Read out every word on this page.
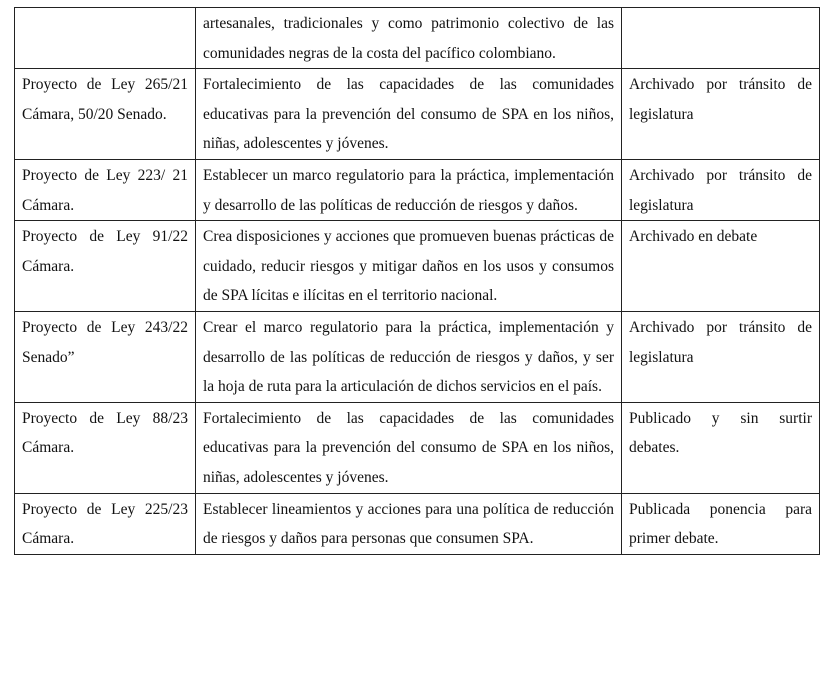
	artesanales, tradicionales y como patrimonio colectivo de las comunidades negras de la costa del pacífico colombiano.	
Proyecto de Ley 265/21 Cámara, 50/20 Senado.	Fortalecimiento de las capacidades de las comunidades educativas para la prevención del consumo de SPA en los niños, niñas, adolescentes y jóvenes.	Archivado por tránsito de legislatura
Proyecto de Ley 223/ 21 Cámara.	Establecer un marco regulatorio para la práctica, implementación y desarrollo de las políticas de reducción de riesgos y daños.	Archivado por tránsito de legislatura
Proyecto de Ley 91/22 Cámara.	Crea disposiciones y acciones que promueven buenas prácticas de cuidado, reducir riesgos y mitigar daños en los usos y consumos de SPA lícitas e ilícitas en el territorio nacional.	Archivado en debate
Proyecto de Ley 243/22 Senado”	Crear el marco regulatorio para la práctica, implementación y desarrollo de las políticas de reducción de riesgos y daños, y ser la hoja de ruta para la articulación de dichos servicios en el país.	Archivado por tránsito de legislatura
Proyecto de Ley 88/23 Cámara.	Fortalecimiento de las capacidades de las comunidades educativas para la prevención del consumo de SPA en los niños, niñas, adolescentes y jóvenes.	Publicado y sin surtir debates.
Proyecto de Ley 225/23 Cámara.	Establecer lineamientos y acciones para una política de reducción de riesgos y daños para personas que consumen SPA.	Publicada ponencia para primer debate.
